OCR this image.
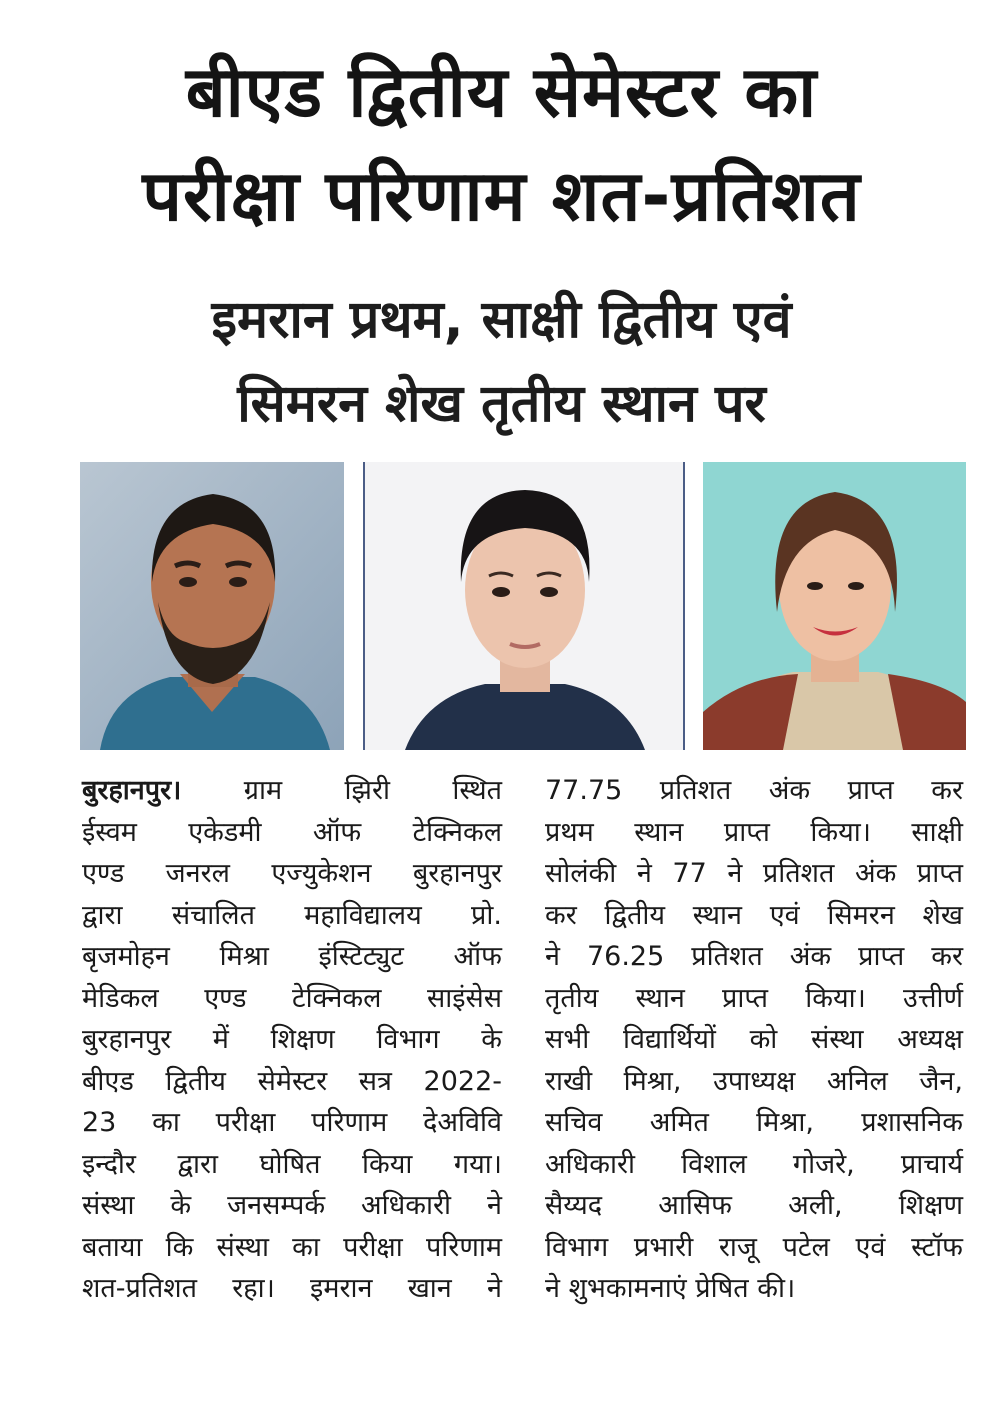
बीएड द्वितीय सेमेस्टर का
परीक्षा परिणाम शत-प्रतिशत
इमरान प्रथम, साक्षी द्वितीय एवं
सिमरन शेख तृतीय स्थान पर
बुरहानपुर। ग्राम झिरी स्थित
ईस्वम एकेडमी ऑफ टेक्निकल
एण्ड जनरल एज्युकेशन बुरहानपुर
द्वारा संचालित महाविद्यालय प्रो.
बृजमोहन मिश्रा इंस्टिट्युट ऑफ
मेडिकल एण्ड टेक्निकल साइंसेस
बुरहानपुर में शिक्षण विभाग के
बीएड द्वितीय सेमेस्टर सत्र 2022-
23 का परीक्षा परिणाम देअविवि
इन्दौर द्वारा घोषित किया गया।
संस्था के जनसम्पर्क अधिकारी ने
बताया कि संस्था का परीक्षा परिणाम
शत-प्रतिशत रहा। इमरान खान ने
77.75 प्रतिशत अंक प्राप्त कर
प्रथम स्थान प्राप्त किया। साक्षी
सोलंकी ने 77 ने प्रतिशत अंक प्राप्त
कर द्वितीय स्थान एवं सिमरन शेख
ने 76.25 प्रतिशत अंक प्राप्त कर
तृतीय स्थान प्राप्त किया। उत्तीर्ण
सभी विद्यार्थियों को संस्था अध्यक्ष
राखी मिश्रा, उपाध्यक्ष अनिल जैन,
सचिव अमित मिश्रा, प्रशासनिक
अधिकारी विशाल गोजरे, प्राचार्य
सैय्यद आसिफ अली, शिक्षण
विभाग प्रभारी राजू पटेल एवं स्टॉफ
ने शुभकामनाएं प्रेषित की।
